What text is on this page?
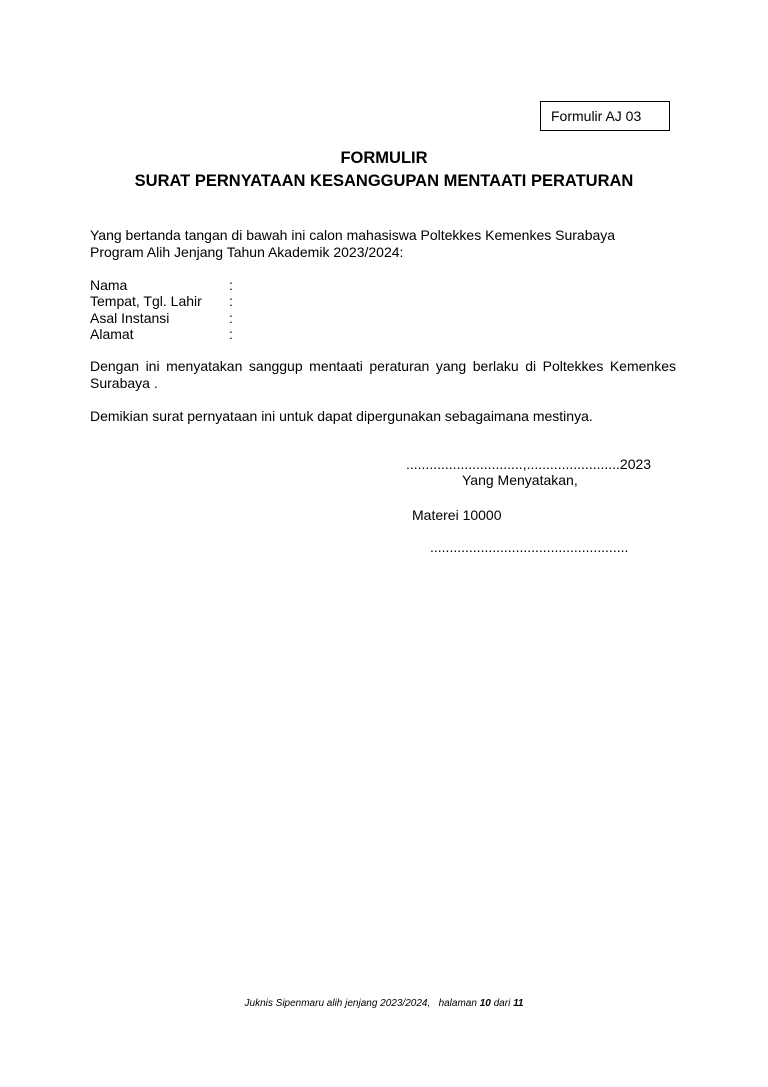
Formulir AJ 03
FORMULIR
SURAT PERNYATAAN KESANGGUPAN MENTAATI PERATURAN
Yang bertanda tangan di bawah ini calon mahasiswa Poltekkes Kemenkes Surabaya
Program Alih Jenjang Tahun Akademik 2023/2024:
Nama	:
Tempat, Tgl. Lahir :
Asal Instansi	:
Alamat	:
Dengan ini menyatakan sanggup mentaati peraturan yang berlaku di Poltekkes Kemenkes Surabaya .
Demikian surat pernyataan ini untuk dapat dipergunakan sebagaimana mestinya.
..............................,........................2023
Yang Menyatakan,
Materei 10000
...................................................
Juknis Sipenmaru alih jenjang 2023/2024, halaman 10 dari 11
